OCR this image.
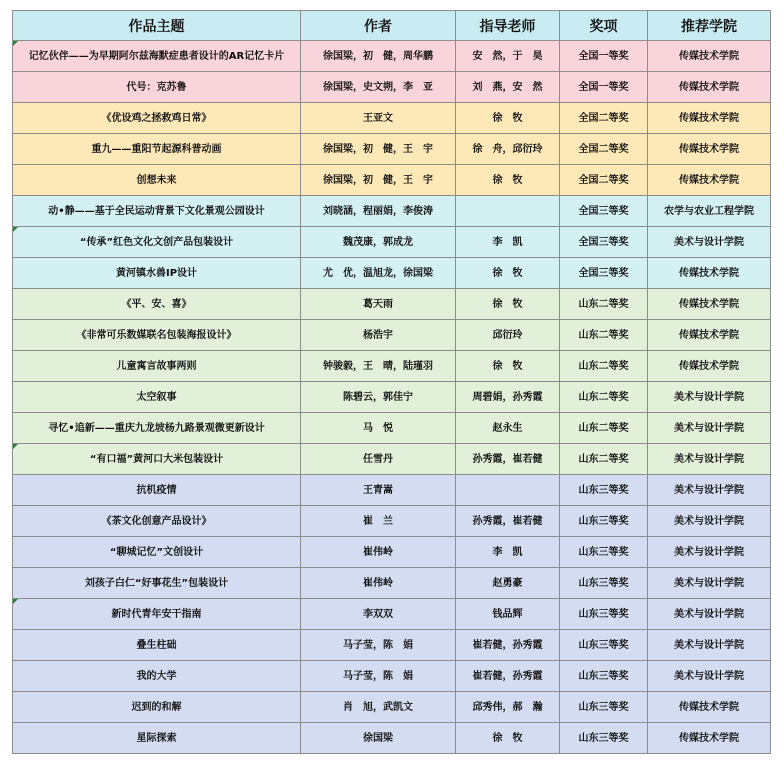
作品主题	作者	指导老师	奖项	推荐学院
记忆伙伴——为早期阿尔兹海默症患者设计的AR记忆卡片	徐国梁，初　健，周华鹏	安　然，于　昊	全国一等奖	传媒技术学院
代号：克苏鲁	徐国梁，史文朔，李　亚	刘　燕，安　然	全国一等奖	传媒技术学院
《优设鸡之拯救鸡日常》	王亚文	徐　牧	全国二等奖	传媒技术学院
重九——重阳节起源科普动画	徐国梁，初　健，王　宇	徐　舟，邱衍玲	全国二等奖	传媒技术学院
创想未来	徐国梁，初　健，王　宇	徐　牧	全国二等奖	传媒技术学院
动•静——基于全民运动背景下文化景观公园设计	刘晓涵，程丽娟，李俊涛		全国三等奖	农学与农业工程学院
“传承”红色文化文创产品包装设计	魏茂康，郭成龙	李　凯	全国三等奖	美术与设计学院
黄河镇水兽IP设计	尤　优，温旭龙，徐国梁	徐　牧	全国三等奖	传媒技术学院
《平、安、喜》	葛天雨	徐　牧	山东二等奖	传媒技术学院
《非常可乐数媒联名包装海报设计》	杨浩宇	邱衍玲	山东二等奖	传媒技术学院
儿童寓言故事两则	钟骏毅，王　晴，陆瑾羽	徐　牧	山东二等奖	传媒技术学院
太空叙事	陈碧云，郭佳宁	周碧娟，孙秀霞	山东二等奖	美术与设计学院
寻忆•追新——重庆九龙坡杨九路景观微更新设计	马　悦	赵永生	山东二等奖	美术与设计学院
“有口福”黄河口大米包装设计	任雪丹	孙秀霞，崔若健	山东二等奖	美术与设计学院
抗机疫情	王青嵩		山东三等奖	美术与设计学院
《茶文化创意产品设计》	崔　兰	孙秀霞，崔若健	山东三等奖	美术与设计学院
“聊城记忆”文创设计	崔伟岭	李　凯	山东三等奖	美术与设计学院
刘孩子白仁“好事花生”包装设计	崔伟岭	赵勇豪	山东三等奖	美术与设计学院
新时代青年安干指南	李双双	钱品辉	山东三等奖	美术与设计学院
叠生柱础	马子莹，陈　娟	崔若健，孙秀霞	山东三等奖	美术与设计学院
我的大学	马子莹，陈　娟	崔若健，孙秀霞	山东三等奖	美术与设计学院
迟到的和解	肖　旭，武凯文	邱秀伟，郝　瀚	山东三等奖	传媒技术学院
星际探索	徐国梁	徐　牧	山东三等奖	传媒技术学院
